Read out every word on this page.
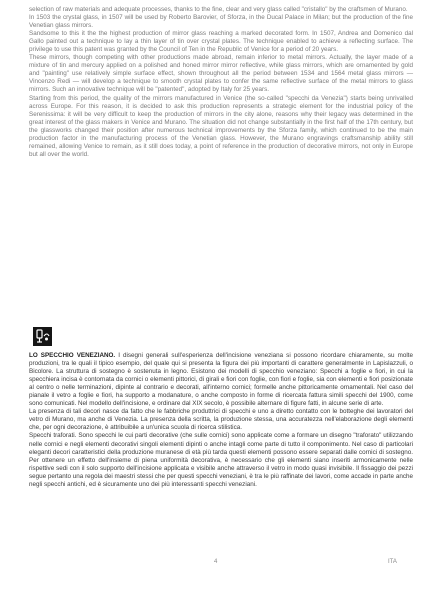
selection of raw materials and adequate processes, thanks to the fine, clear and very glass called "cristallo" by the craftsmen of Murano.

In 1503 the crystal glass, in 1507 will be used by Roberto Barovier, of Sforza, in the Ducal Palace in Milan; but the production of the fine Venetian glass mirrors.

Sandsome to this it the the highest production of mirror glass reaching a marked decorated form. In 1507, Andrea and Domenico dal Gallo painted out a technique to lay a thin layer of tin over crystal plates. The technique enabled to achieve a reflecting surface. The privilege to use this patent was granted by the Council of Ten in the Republic of Venice for a period of 20 years.

These mirrors, though competing with other productions made abroad, remain inferior to metal mirrors. Actually, the layer made of a mixture of tin and mercury applied on a polished and honed mirror mirror reflective, while glass mirrors, which are ornamented by gold and "painting" use relatively simple surface effect, shown throughout all the period between 1534 and 1564 metal glass mirrors — Vincenzo Redi — will develop a technique to smooth crystal plates to confer the same reflective surface of the metal mirrors to glass mirrors. Such an innovative technique will be "patented", adopted by Italy for 25 years.

Starting from this period, the quality of the mirrors manufactured in Venice (the so-called "specchi da Venezia") starts being unrivalled across Europe. For this reason, it is decided to ask this production represents a strategic element for the industrial policy of the Serenissima: it will be very difficult to keep the production of mirrors in the city alone, reasons why their legacy was determined in the great interest of the glass makers in Venice and Murano. The situation did not change substantially in the first half of the 17th century, but the glassworks changed their position after numerous technical improvements by the Sforza family, which continued to be the main production factor in the manufacturing process of the Venetian glass. However, the Murano engravings craftsmanship ability still remained, allowing Venice to remain, as it still does today, a point of reference in the production of decorative mirrors, not only in Europe but all over the world.

LO SPECCHIO VENEZIANO. I disegni generali sull'esperienza dell'incisione veneziana si possono ricordare chiaramente, su molte produzioni, tra le quali il tipico esempio, del quale qui si presenta la figura dei più importanti di carattere generalmente in Lapislazzuli, o Bicolore. La struttura di sostegno è sostenuta in legno. Esistono dei modelli di specchio veneziano: Specchi a foglie e fiori, in cui la specchiera incisa è contornata da cornici o elementi pittorici, di girali e fiori con foglie, con fiori e foglie, sia con elementi e fiori posizionate al centro o nelle terminazioni, dipinte al contrario e decorati, all'interno cornici; formelle anche pittoricamente ornamentali. Nel caso del pianale il vetro a foglie e fiori, ha supporto a modanature, o anche composto in forme di ricercata fattura simili specchi del 1900, come sono comunicati. Nel modello dell'incisione, e ordinare dal XIX secolo, è possibile alternare di figure fatti, in alcune serie di arte.

La presenza di tali decori nasce da fatto che le fabbriche produttrici di specchi e uno a diretto contatto con le botteghe dei lavoratori del vetro di Murano, ma anche di Venezia. La presenza della scritta, la produzione stessa, una accuratezza nell'elaborazione degli elementi che, per ogni decorazione, è attribuibile a un'unica scuola di ricerca stilistica.

Specchi traforati. Sono specchi le cui parti decorative (che sulle cornici) sono applicate come a formare un disegno "traforato" utilizzando nelle cornici e negli elementi decorativi singoli elementi dipinti o anche intagli come parte di tutto il componimento. Nel caso di particolari eleganti decori caratteristici della produzione muranese di età più tarda questi elementi possono essere separati dalle cornici di sostegno. Per ottenere un effetto dell'insieme di piena uniformità decorativa, è necessario che gli elementi siano inseriti armonicamente nelle rispettive sedi con il solo supporto dell'incisione applicata e visibile anche attraverso il vetro in modo quasi invisibile. Il fissaggio dei pezzi segue pertanto una regola dei maestri stessi che per questi specchi veneziani, è tra le più raffinate dei lavori, come accade in parte anche negli specchi antichi, ed è sicuramente uno dei più interessanti specchi veneziani.

4	ITA
